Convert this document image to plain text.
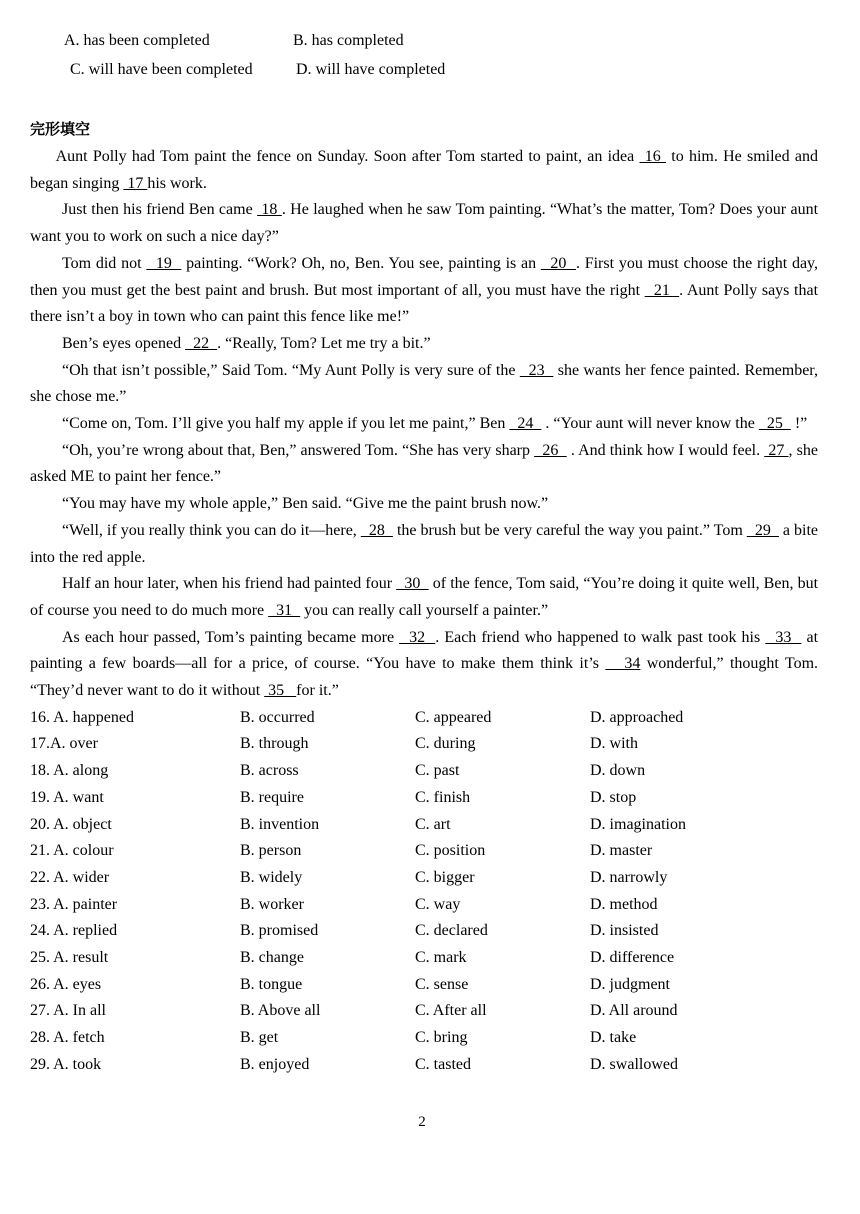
A. has been completed	B. has completed
C. will have been completed	D. will have completed
完形填空

Aunt Polly had Tom paint the fence on Sunday. Soon after Tom started to paint, an idea  16  to him. He smiled and began singing  17 his work.

Just then his friend Ben came  18 . He laughed when he saw Tom painting. “What’s the matter, Tom? Does your aunt want you to work on such a nice day?”

Tom did not   19   painting. “Work? Oh, no, Ben. You see, painting is an   20  . First you must choose the right day, then you must get the best paint and brush. But most important of all, you must have the right   21  . Aunt Polly says that there isn’t a boy in town who can paint this fence like me!”

Ben’s eyes opened   22  . “Really, Tom? Let me try a bit.”

“Oh that isn’t possible,” Said Tom. “My Aunt Polly is very sure of the   23   she wants her fence painted. Remember, she chose me.”

“Come on, Tom. I’ll give you half my apple if you let me paint,” Ben   24   . “Your aunt will never know the   25   !”

“Oh, you’re wrong about that, Ben,” answered Tom. “She has very sharp   26   . And think how I would feel.  27 , she asked ME to paint her fence.”

“You may have my whole apple,” Ben said. “Give me the paint brush now.”

“Well, if you really think you can do it—here,   28   the brush but be very careful the way you paint.” Tom   29   a bite into the red apple.

Half an hour later, when his friend had painted four   30   of the fence, Tom said, “You’re doing it quite well, Ben, but of course you need to do much more   31   you can really call yourself a painter.”

As each hour passed, Tom’s painting became more   32  . Each friend who happened to walk past took his   33   at painting a few boards—all for a price, of course. “You have to make them think it’s    34 wonderful,” thought Tom. “They’d never want to do it without  35   for it.”

16. A. happened	B. occurred	C. appeared	D. approached
17.A. over	B. through	C. during	D. with
18. A. along	B. across	C. past	D. down
19. A. want	B. require	C. finish	D. stop
20. A. object	B. invention	C. art	D. imagination
21. A. colour	B. person	C. position	D. master
22. A. wider	B. widely	C. bigger	D. narrowly
23. A. painter	B. worker	C. way	D. method
24. A. replied	B. promised	C. declared	D. insisted
25. A. result	B. change	C. mark	D. difference
26. A. eyes	B. tongue	C. sense	D. judgment
27. A. In all	B. Above all	C. After all	D. All around
28. A. fetch	B. get	C. bring	D. take
29. A. took	B. enjoyed	C. tasted	D. swallowed
2
